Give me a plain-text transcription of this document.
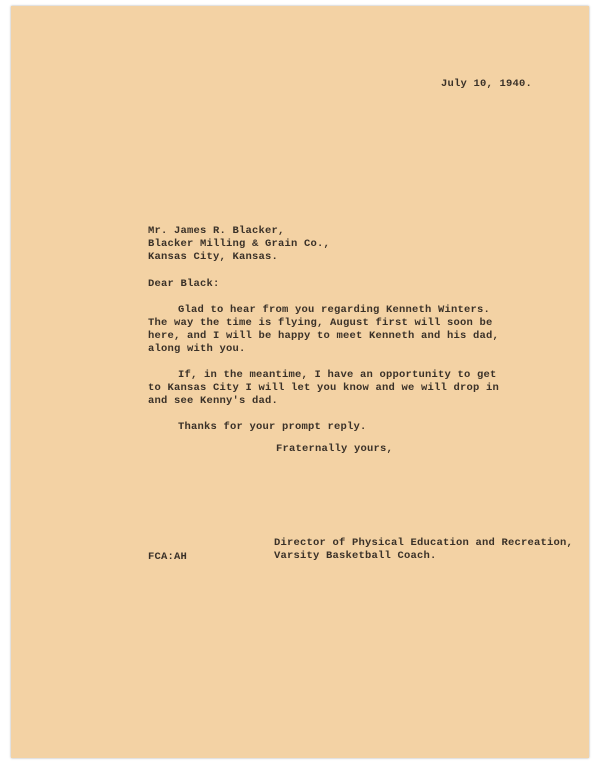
July 10, 1940.
Mr. James R. Blacker,
Blacker Milling & Grain Co.,
Kansas City, Kansas.
Dear Black:
Glad to hear from you regarding Kenneth Winters.
The way the time is flying, August first will soon be
here, and I will be happy to meet Kenneth and his dad,
along with you.
If, in the meantime, I have an opportunity to get
to Kansas City I will let you know and we will drop in
and see Kenny's dad.
Thanks for your prompt reply.
Fraternally yours,
Director of Physical Education and Recreation,
Varsity Basketball Coach.
FCA:AH
